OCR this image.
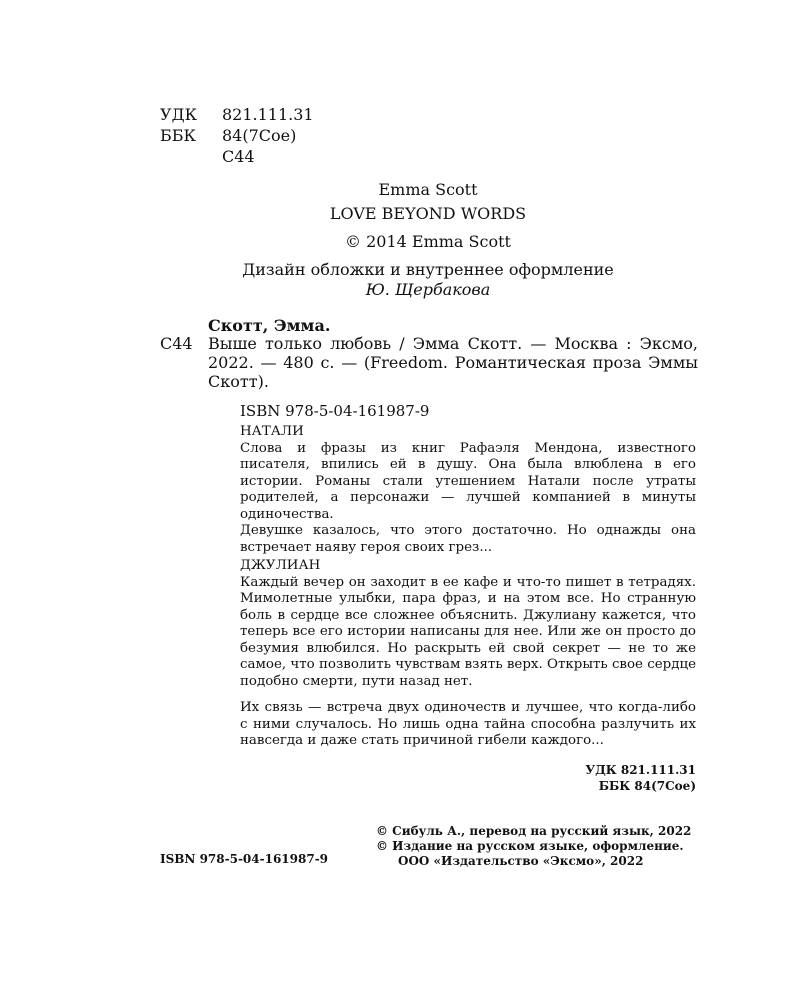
УДК	821.111.31
ББК	84(7Сое)
С44
Emma Scott
LOVE BEYOND WORDS
© 2014 Emma Scott
Дизайн обложки и внутреннее оформление
Ю. Щербакова
Скотт, Эмма.
С44 Выше только любовь / Эмма Скотт. — Москва : Эксмо, 2022. — 480 с. — (Freedom. Романтическая проза Эммы Скотт).
ISBN 978-5-04-161987-9
НАТАЛИ

Слова и фразы из книг Рафаэля Мендона, известного писателя, впились ей в душу. Она была влюблена в его истории. Романы стали утешением Натали после утраты родителей, а персонажи — лучшей компанией в минуты одиночества.

Девушке казалось, что этого достаточно. Но однажды она встречает наяву героя своих грез...

ДЖУЛИАН

Каждый вечер он заходит в ее кафе и что-то пишет в тетрадях. Мимолетные улыбки, пара фраз, и на этом все. Но странную боль в сердце все сложнее объяснить. Джулиану кажется, что теперь все его истории написаны для нее. Или же он просто до безумия влюбился. Но раскрыть ей свой секрет — не то же самое, что позволить чувствам взять верх. Открыть свое сердце подобно смерти, пути назад нет.

Их связь — встреча двух одиночеств и лучшее, что когда-либо с ними случалось. Но лишь одна тайна способна разлучить их навсегда и даже стать причиной гибели каждого...
УДК 821.111.31
ББК 84(7Сое)
© Сибуль А., перевод на русский язык, 2022
© Издание на русском языке, оформление.
ООО «Издательство «Эксмо», 2022
ISBN 978-5-04-161987-9
